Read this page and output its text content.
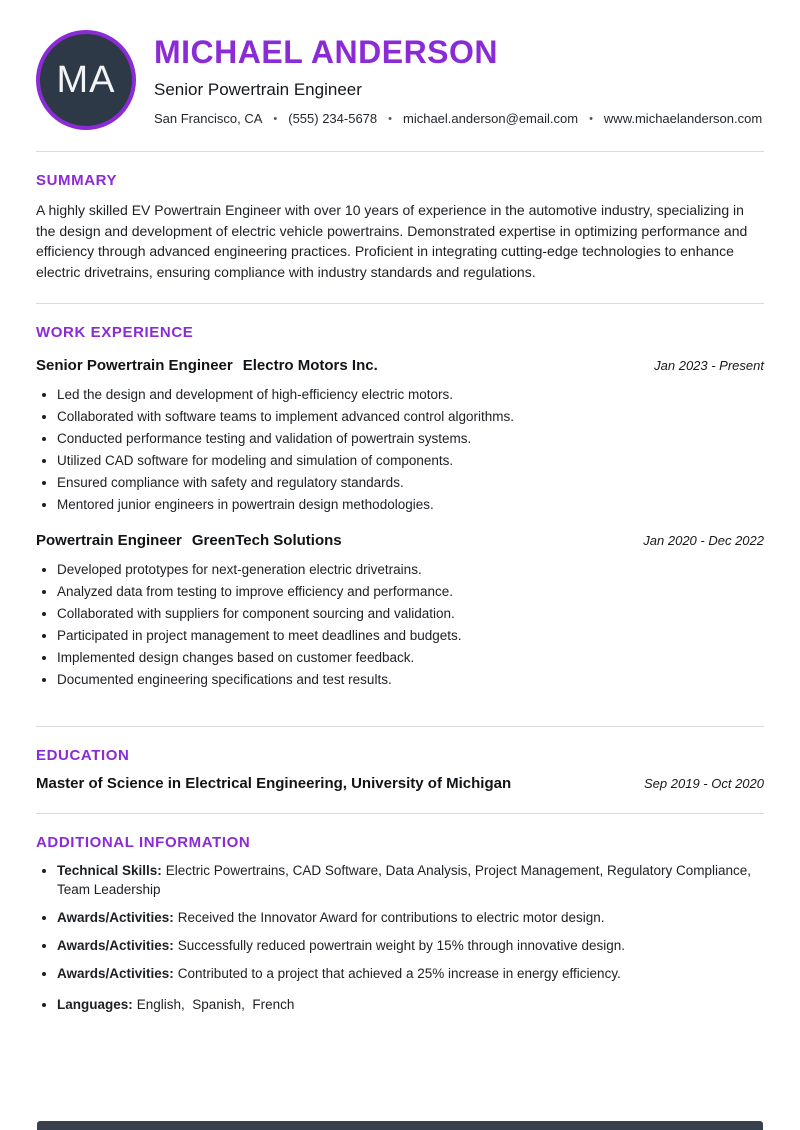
MA
MICHAEL ANDERSON
Senior Powertrain Engineer
San Francisco, CA • (555) 234-5678 • michael.anderson@email.com • www.michaelanderson.com
SUMMARY

A highly skilled EV Powertrain Engineer with over 10 years of experience in the automotive industry, specializing in the design and development of electric vehicle powertrains. Demonstrated expertise in optimizing performance and efficiency through advanced engineering practices. Proficient in integrating cutting-edge technologies to enhance electric drivetrains, ensuring compliance with industry standards and regulations.

WORK EXPERIENCE
Senior Powertrain Engineer Electro Motors Inc.	Jan 2023 - Present
• Led the design and development of high-efficiency electric motors.
• Collaborated with software teams to implement advanced control algorithms.
• Conducted performance testing and validation of powertrain systems.
• Utilized CAD software for modeling and simulation of components.
• Ensured compliance with safety and regulatory standards.
• Mentored junior engineers in powertrain design methodologies.
Powertrain Engineer GreenTech Solutions	Jan 2020 - Dec 2022
• Developed prototypes for next-generation electric drivetrains.
• Analyzed data from testing to improve efficiency and performance.
• Collaborated with suppliers for component sourcing and validation.
• Participated in project management to meet deadlines and budgets.
• Implemented design changes based on customer feedback.
• Documented engineering specifications and test results.
EDUCATION
Master of Science in Electrical Engineering, University of Michigan	Sep 2019 - Oct 2020
ADDITIONAL INFORMATION
• Technical Skills: Electric Powertrains, CAD Software, Data Analysis, Project Management, Regulatory Compliance, Team Leadership
• Awards/Activities: Received the Innovator Award for contributions to electric motor design.
• Awards/Activities: Successfully reduced powertrain weight by 15% through innovative design.
• Awards/Activities: Contributed to a project that achieved a 25% increase in energy efficiency.
• Languages: English,  Spanish,  French
